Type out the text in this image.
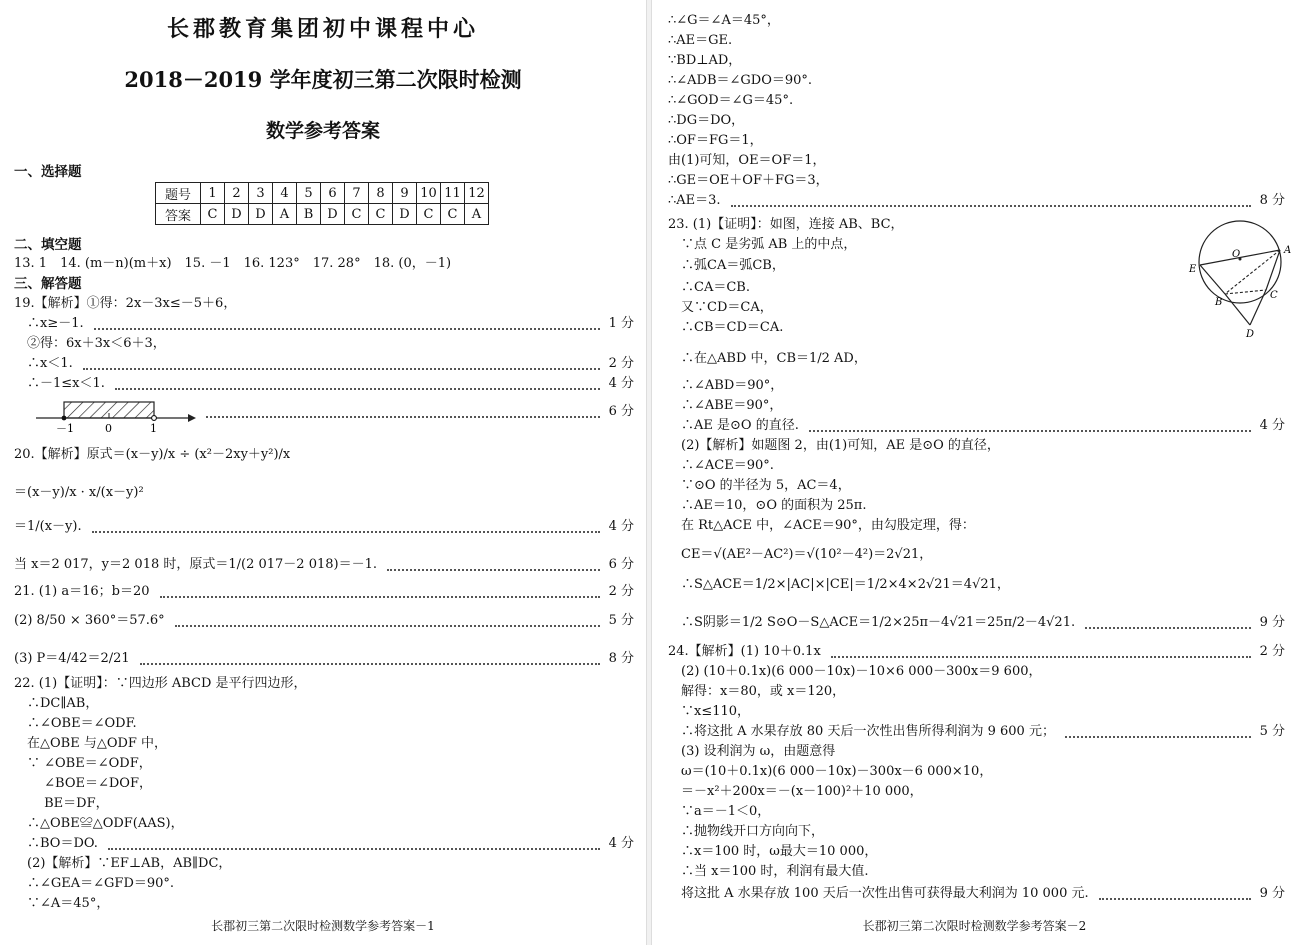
长郡教育集团初中课程中心
2018－2019 学年度初三第二次限时检测
数学参考答案
一、选择题
题号	1	2	3	4	5	6	7	8	9	10	11	12
答案	C	D	D	A	B	D	C	C	D	C	C	A
二、填空题
13. 1　14. (m－n)(m＋x)　15. －1　16. 123°　17. 28°　18. (0，－1)
三、解答题
19.【解析】①得：2x－3x≤－5＋6，
　∴x≥－1.	1 分
　②得：6x＋3x＜6＋3，
　∴x＜1.	2 分
　∴－1≤x＜1.	4 分
6 分
20.【解析】原式＝(x－y)/x ÷ (x²－2xy＋y²)/x
＝(x－y)/x · x/(x－y)²
＝1/(x－y).	4 分
当 x＝2 017，y＝2 018 时，原式＝1/(2 017－2 018)＝－1.	6 分
21. (1) a＝16；b＝20	2 分
(2) 8/50 × 360°＝57.6°	5 分
(3) P＝4/42＝2/21	8 分
22. (1)【证明】：∵四边形 ABCD 是平行四边形，
　∴DC∥AB，
　∴∠OBE＝∠ODF.
　在△OBE 与△ODF 中，
　∵ ∠OBE＝∠ODF，
　　 ∠BOE＝∠DOF，
　　 BE＝DF，
　∴△OBE≌△ODF(AAS)，
　∴BO＝DO.	4 分
　(2)【解析】∵EF⊥AB，AB∥DC，
　∴∠GEA＝∠GFD＝90°.
　∵∠A＝45°，
－1	0	1
长郡初三第二次限时检测数学参考答案－1
∴∠G＝∠A＝45°，
∴AE＝GE.
∵BD⊥AD，
∴∠ADB＝∠GDO＝90°.
∴∠GOD＝∠G＝45°.
∴DG＝DO，
∴OF＝FG＝1，
由(1)可知，OE＝OF＝1，
∴GE＝OE＋OF＋FG＝3，
∴AE＝3.	8 分
23. (1)【证明】：如图，连接 AB、BC，
　∵点 C 是劣弧 AB 上的中点，
　∴弧CA＝弧CB，
　∴CA＝CB.
　又∵CD＝CA，
　∴CB＝CD＝CA.
　∴在△ABD 中，CB＝1/2 AD，
　∴∠ABD＝90°，
　∴∠ABE＝90°，
　∴AE 是⊙O 的直径.	4 分
　(2)【解析】如题图 2，由(1)可知，AE 是⊙O 的直径，
　∴∠ACE＝90°.
　∵⊙O 的半径为 5，AC＝4，
　∴AE＝10，⊙O 的面积为 25π.
　在 Rt△ACE 中，∠ACE＝90°，由勾股定理，得：
　CE＝√(AE²－AC²)＝√(10²－4²)＝2√21，
　∴S△ACE＝1/2×|AC|×|CE|＝1/2×4×2√21＝4√21，
　∴S阴影＝1/2 S⊙O－S△ACE＝1/2×25π－4√21＝25π/2－4√21.	9 分
24.【解析】(1) 10＋0.1x	2 分
　(2) (10＋0.1x)(6 000－10x)－10×6 000－300x＝9 600，
　解得：x＝80，或 x＝120，
　∵x≤110，
　∴将这批 A 水果存放 80 天后一次性出售所得利润为 9 600 元；	5 分
　(3) 设利润为 ω，由题意得
　ω＝(10＋0.1x)(6 000－10x)－300x－6 000×10，
　＝－x²＋200x＝－(x－100)²＋10 000，
　∵a＝－1＜0，
　∴抛物线开口方向向下，
　∴x＝100 时，ω最大＝10 000，
　∴当 x＝100 时，利润有最大值.
　将这批 A 水果存放 100 天后一次性出售可获得最大利润为 10 000 元.	9 分
O	A
E
B
C
D
长郡初三第二次限时检测数学参考答案－2
